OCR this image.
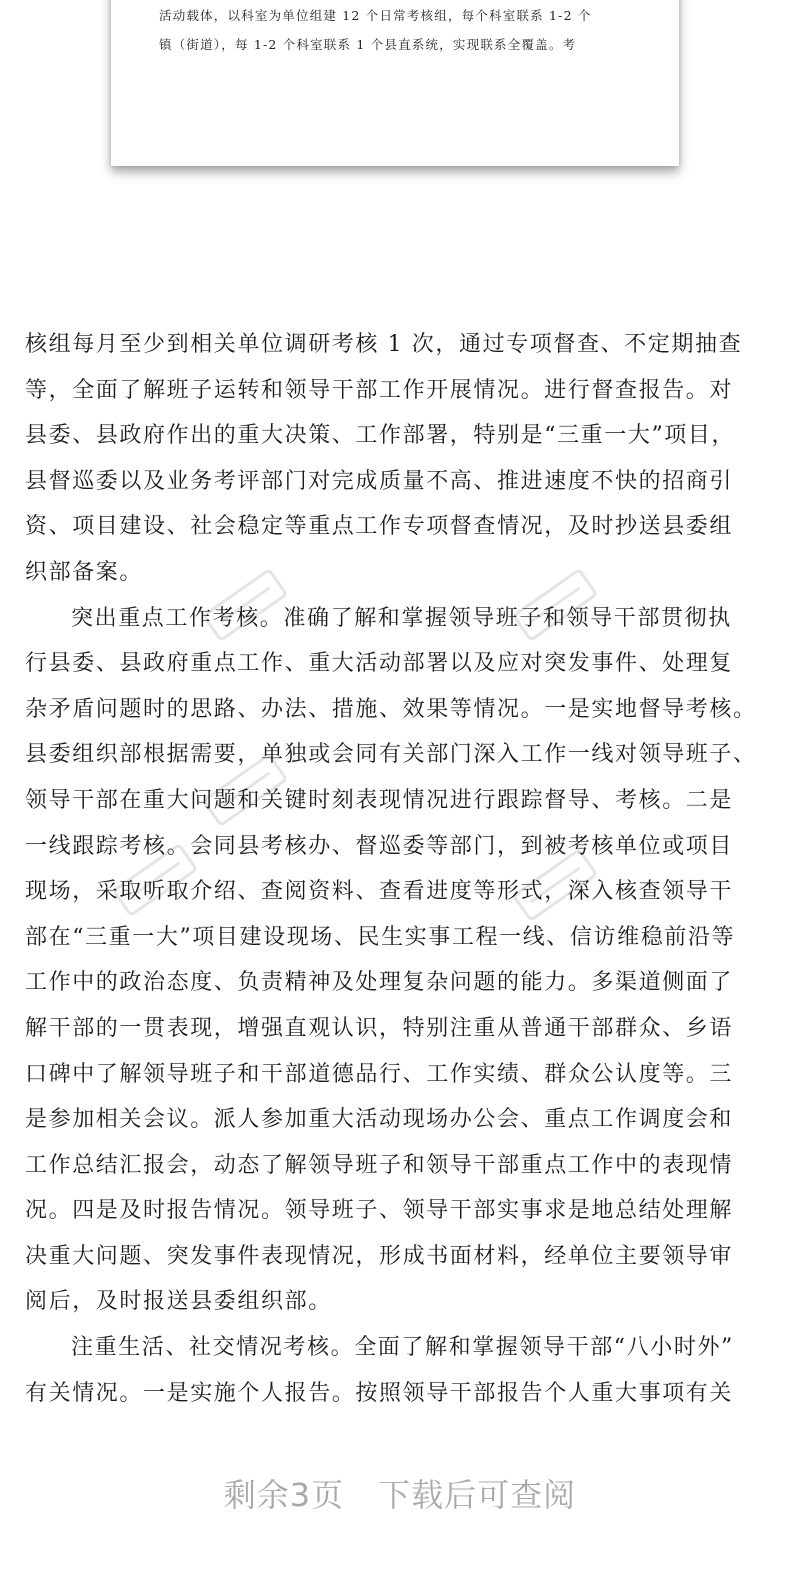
活动载体，以科室为单位组建 12 个日常考核组，每个科室联系 1-2 个
镇（街道），每 1-2 个科室联系 1 个县直系统，实现联系全覆盖。考
核组每月至少到相关单位调研考核 1 次，通过专项督查、不定期抽查
等，全面了解班子运转和领导干部工作开展情况。进行督查报告。对
县委、县政府作出的重大决策、工作部署，特别是“三重一大”项目，
县督巡委以及业务考评部门对完成质量不高、推进速度不快的招商引
资、项目建设、社会稳定等重点工作专项督查情况，及时抄送县委组
织部备案。
突出重点工作考核。准确了解和掌握领导班子和领导干部贯彻执
行县委、县政府重点工作、重大活动部署以及应对突发事件、处理复
杂矛盾问题时的思路、办法、措施、效果等情况。一是实地督导考核。
县委组织部根据需要，单独或会同有关部门深入工作一线对领导班子、
领导干部在重大问题和关键时刻表现情况进行跟踪督导、考核。二是
一线跟踪考核。会同县考核办、督巡委等部门，到被考核单位或项目
现场，采取听取介绍、查阅资料、查看进度等形式，深入核查领导干
部在“三重一大”项目建设现场、民生实事工程一线、信访维稳前沿等
工作中的政治态度、负责精神及处理复杂问题的能力。多渠道侧面了
解干部的一贯表现，增强直观认识，特别注重从普通干部群众、乡语
口碑中了解领导班子和干部道德品行、工作实绩、群众公认度等。三
是参加相关会议。派人参加重大活动现场办公会、重点工作调度会和
工作总结汇报会，动态了解领导班子和领导干部重点工作中的表现情
况。四是及时报告情况。领导班子、领导干部实事求是地总结处理解
决重大问题、突发事件表现情况，形成书面材料，经单位主要领导审
阅后，及时报送县委组织部。
注重生活、社交情况考核。全面了解和掌握领导干部“八小时外”
有关情况。一是实施个人报告。按照领导干部报告个人重大事项有关
剩余3页 下载后可查阅
